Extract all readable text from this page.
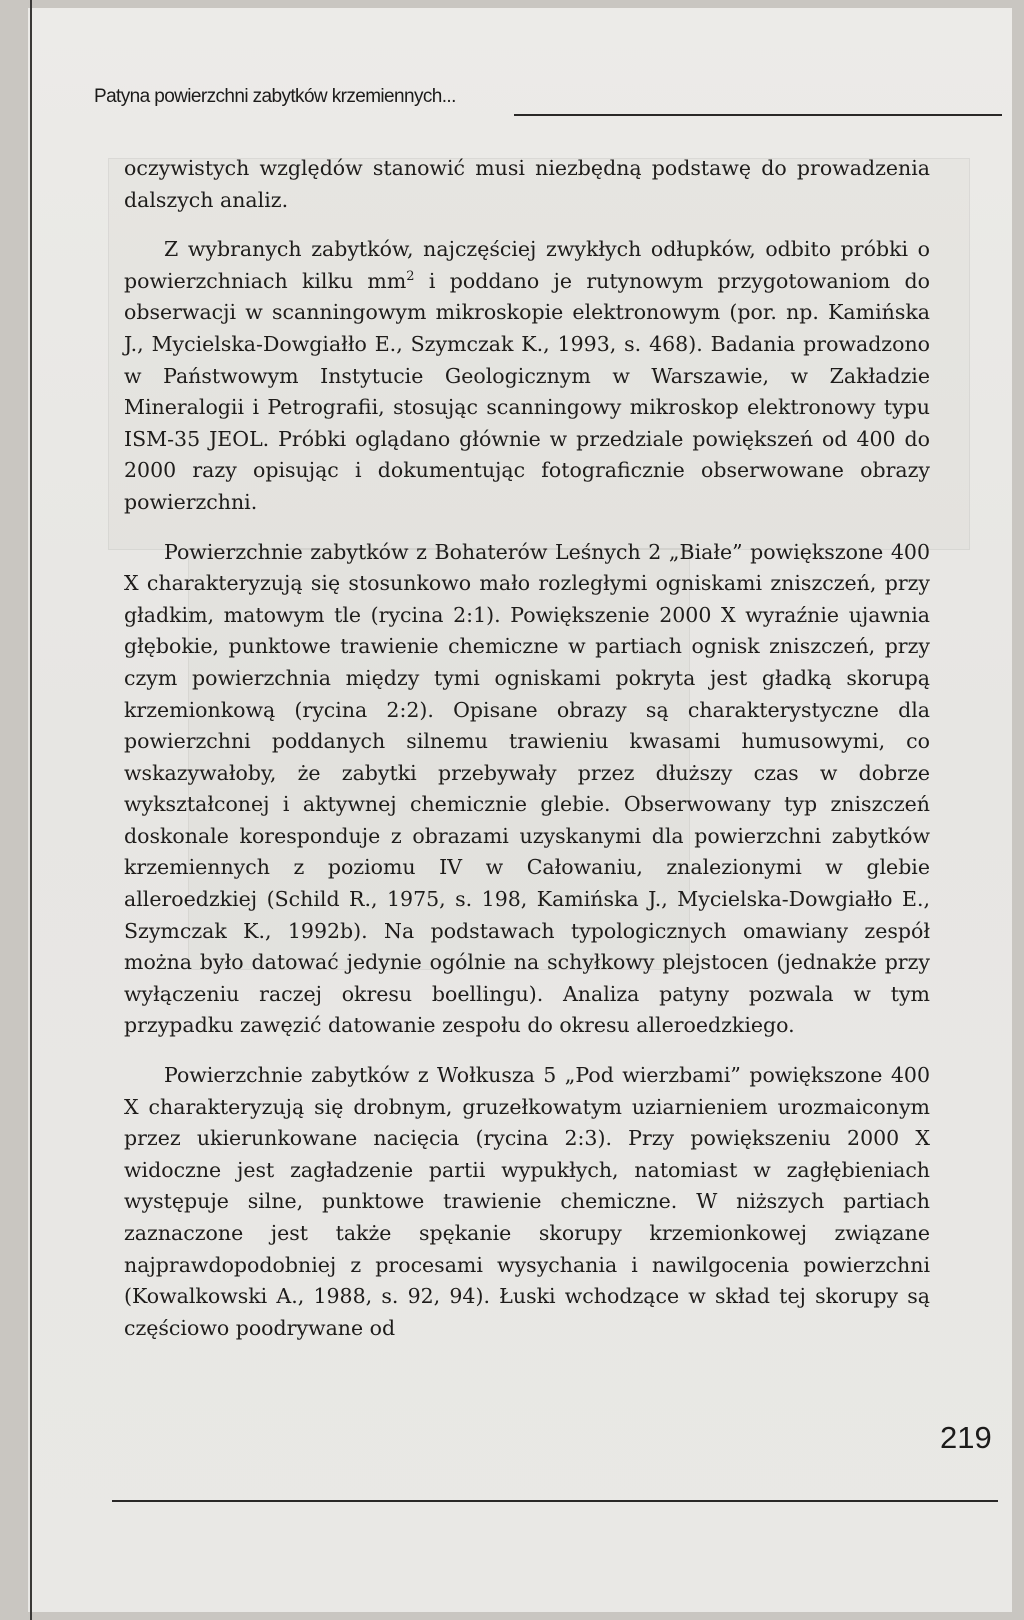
Patyna powierzchni zabytków krzemiennych...

oczywistych względów stanowić musi niezbędną podstawę do prowadzenia dalszych analiz.

Z wybranych zabytków, najczęściej zwykłych odłupków, odbito próbki o powierzchniach kilku $mm^2$ i poddano je rutynowym przygotowaniom do obserwacji w scanningowym mikroskopie elektronowym (por. np. Kamińska J., Mycielska-Dowgiałło E., Szymczak K., 1993, s. 468). Badania prowadzono w Państwowym Instytucie Geologicznym w Warszawie, w Zakładzie Mineralogii i Petrografii, stosując scanningowy mikroskop elektronowy typu ISM-35 JEOL. Próbki oglądano głównie w przedziale powiększeń od 400 do 2000 razy opisując i dokumentując fotograficznie obserwowane obrazy powierzchni.

Powierzchnie zabytków z Bohaterów Leśnych 2 „Białe” powiększone 400 X charakteryzują się stosunkowo mało rozległymi ogniskami zniszczeń, przy gładkim, matowym tle (rycina 2:1). Powiększenie 2000 X wyraźnie ujawnia głębokie, punktowe trawienie chemiczne w partiach ognisk zniszczeń, przy czym powierzchnia między tymi ogniskami pokryta jest gładką skorupą krzemionkową (rycina 2:2). Opisane obrazy są charakterystyczne dla powierzchni poddanych silnemu trawieniu kwasami humusowymi, co wskazywałoby, że zabytki przebywały przez dłuższy czas w dobrze wykształconej i aktywnej chemicznie glebie. Obserwowany typ zniszczeń doskonale koresponduje z obrazami uzyskanymi dla powierzchni zabytków krzemiennych z poziomu IV w Całowaniu, znalezionymi w glebie alleroedzkiej (Schild R., 1975, s. 198, Kamińska J., Mycielska-Dowgiałło E., Szymczak K., 1992b). Na podstawach typologicznych omawiany zespół można było datować jedynie ogólnie na schyłkowy plejstocen (jednakże przy wyłączeniu raczej okresu boellingu). Analiza patyny pozwala w tym przypadku zawęzić datowanie zespołu do okresu alleroedzkiego.

Powierzchnie zabytków z Wołkusza 5 „Pod wierzbami” powiększone 400 X charakteryzują się drobnym, gruzełkowatym uziarnieniem urozmaiconym przez ukierunkowane nacięcia (rycina 2:3). Przy powiększeniu 2000 X widoczne jest zagładzenie partii wypukłych, natomiast w zagłębieniach występuje silne, punktowe trawienie chemiczne. W niższych partiach zaznaczone jest także spękanie skorupy krzemionkowej związane najprawdopodobniej z procesami wysychania i nawilgocenia powierzchni (Kowalkowski A., 1988, s. 92, 94). Łuski wchodzące w skład tej skorupy są częściowo poodrywane od

219
